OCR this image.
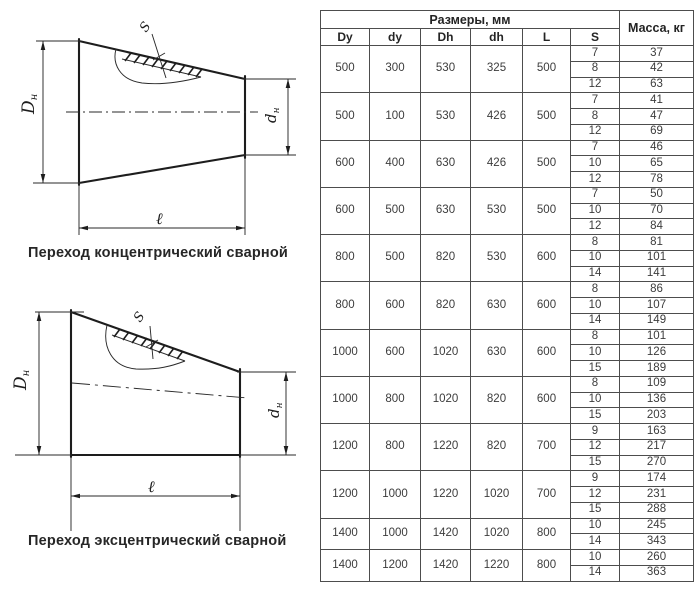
S
Dн
$d_н$
ℓ
Переход концентрический сварной
S
Dн
$d_н$
ℓ
Переход эксцентрический сварной
Размеры, мм						Масса, кг
Dy	dy	Dh	dh	L	S	
500	300	530	325	500	7	37
					8	42
					12	63
500	100	530	426	500	7	41
					8	47
					12	69
600	400	630	426	500	7	46
					10	65
					12	78
600	500	630	530	500	7	50
					10	70
					12	84
800	500	820	530	600	8	81
					10	101
					14	141
800	600	820	630	600	8	86
					10	107
					14	149
1000	600	1020	630	600	8	101
					10	126
					15	189
1000	800	1020	820	600	8	109
					10	136
					15	203
1200	800	1220	820	700	9	163
					12	217
					15	270
1200	1000	1220	1020	700	9	174
					12	231
					15	288
1400	1000	1420	1020	800	10	245
					14	343
1400	1200	1420	1220	800	10	260
					14	363
